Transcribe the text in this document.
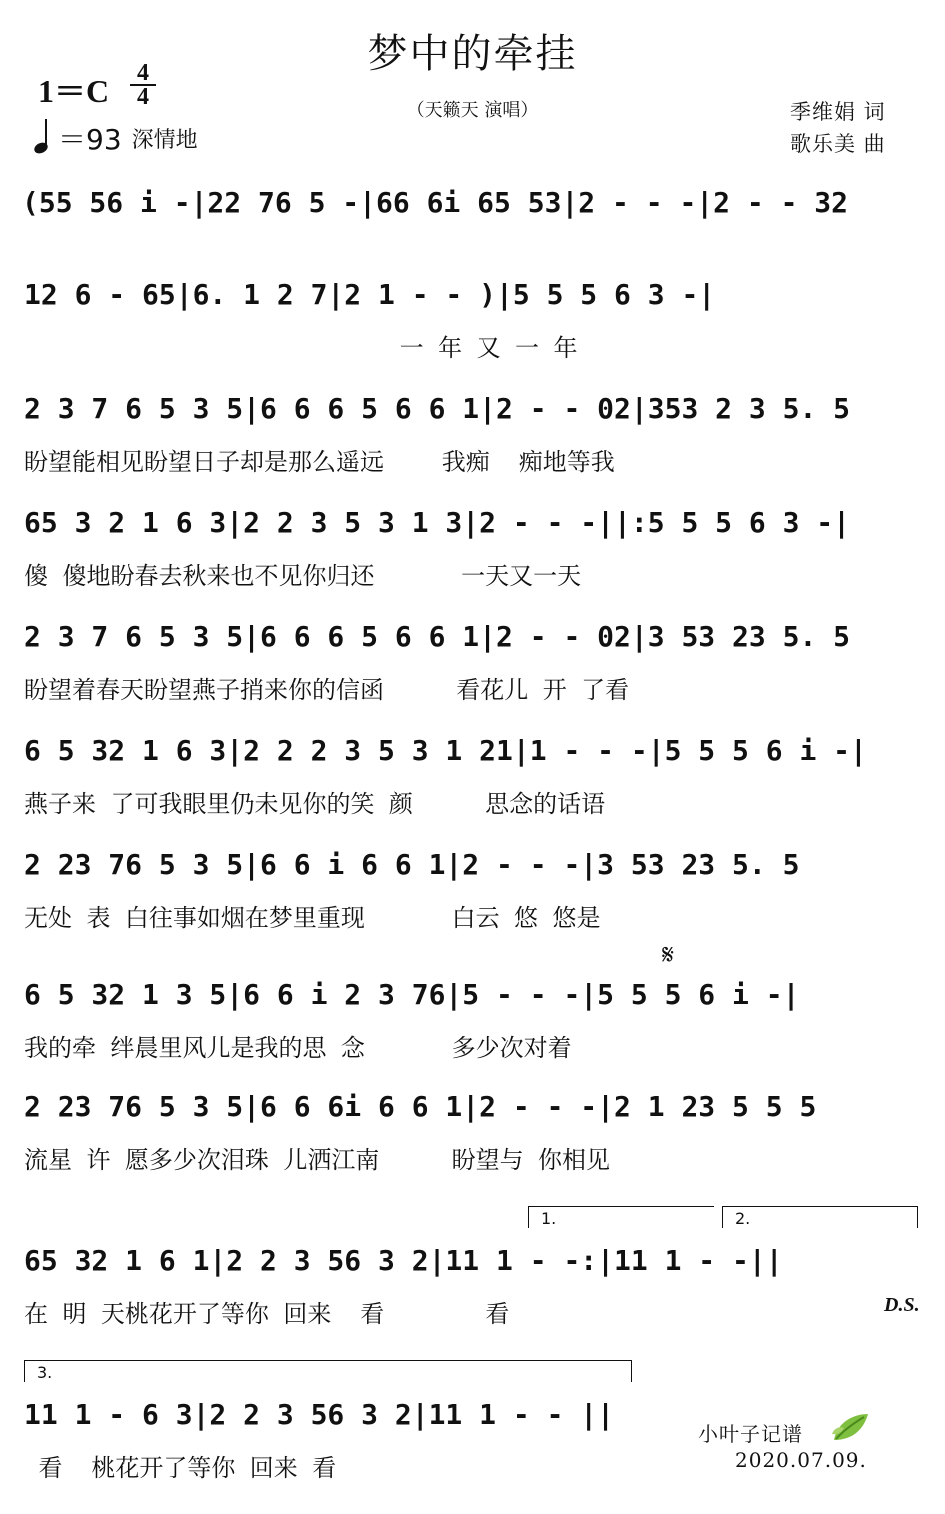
梦中的牵挂
（天籁天 演唱）
1＝C 4
4
＝93 深情地
季维娟 词
歌乐美 曲
(55 56 i -|22 76 5 -|66 6i 65 53|2 - - -|2 - - 32
12 6 - 65|6. 1 2 7|2 1 - - )|5 5 5 6 3 -|
一 年 又 一 年
2 3 7 6 5 3 5|6 6 6 5 6 6 1|2 - - 02|353 2 3 5. 5
盼望能相见盼望日子却是那么遥远    我痴  痴地等我
65 3 2 1 6 3|2 2 3 5 3 1 3|2 - - -||:5 5 5 6 3 -|
傻 傻地盼春去秋来也不见你归还      一天又一天
2 3 7 6 5 3 5|6 6 6 5 6 6 1|2 - - 02|3 53 23 5. 5
盼望着春天盼望燕子捎来你的信函     看花儿 开 了看
6 5 32 1 6 3|2 2 2 3 5 3 1 21|1 - - -|5 5 5 6 i -|
燕子来 了可我眼里仍未见你的笑 颜     思念的话语
2 23 76 5 3 5|6 6 i 6 6 1|2 - - -|3 53 23 5. 5
无处 表 白往事如烟在梦里重现      白云 悠 悠是
𝄋
6 5 32 1 3 5|6 6 i 2 3 76|5 - - -|5 5 5 6 i -|
我的牵 绊晨里风儿是我的思 念      多少次对着
2 23 76 5 3 5|6 6 6i 6 6 1|2 - - -|2 1 23 5 5 5
流星 许 愿多少次泪珠 儿洒江南     盼望与 你相见
1.	2.
65 32 1 6 1|2 2 3 56 3 2|11 1 - -:|11 1 - -||
在 明 天桃花开了等你 回来  看       看	D.S.
3.
11 1 - 6 3|2 2 3 56 3 2|11 1 - - ||
看  桃花开了等你 回来 看
小叶子记谱
2020.07.09.
